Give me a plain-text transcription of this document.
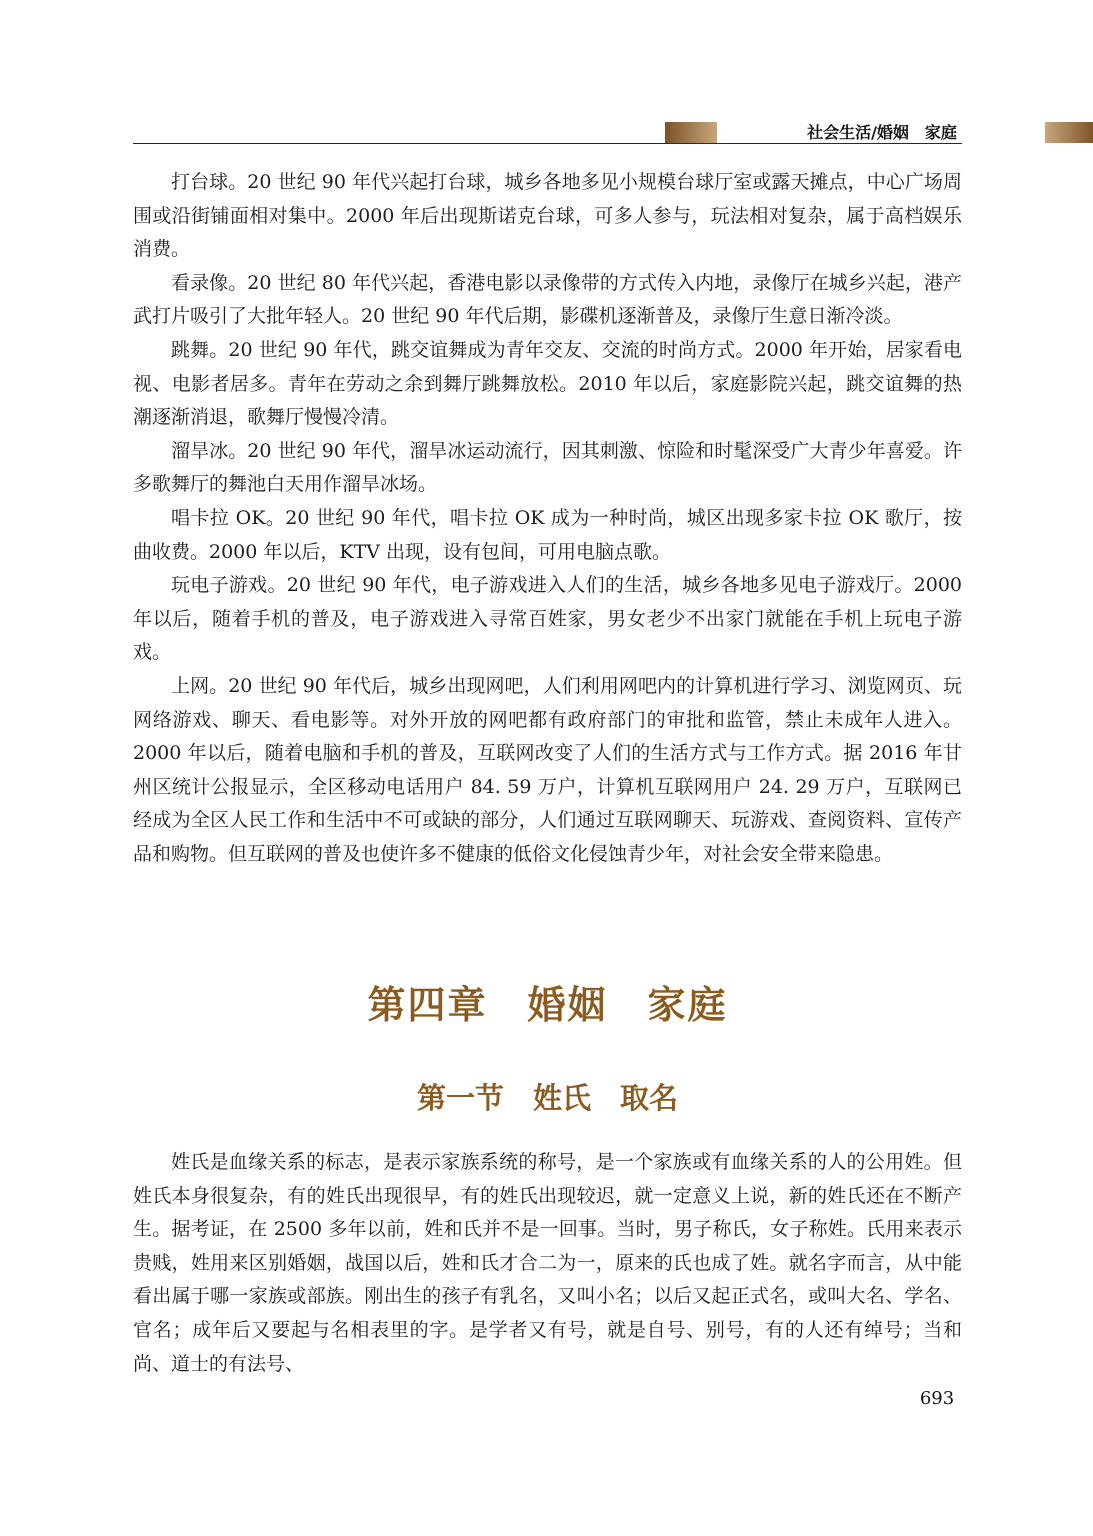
社会生活/婚姻　家庭

打台球。20 世纪 90 年代兴起打台球，城乡各地多见小规模台球厅室或露天摊点，中心广场周围或沿街铺面相对集中。2000 年后出现斯诺克台球，可多人参与，玩法相对复杂，属于高档娱乐消费。

看录像。20 世纪 80 年代兴起，香港电影以录像带的方式传入内地，录像厅在城乡兴起，港产武打片吸引了大批年轻人。20 世纪 90 年代后期，影碟机逐渐普及，录像厅生意日渐冷淡。

跳舞。20 世纪 90 年代，跳交谊舞成为青年交友、交流的时尚方式。2000 年开始，居家看电视、电影者居多。青年在劳动之余到舞厅跳舞放松。2010 年以后，家庭影院兴起，跳交谊舞的热潮逐渐消退，歌舞厅慢慢冷清。

溜旱冰。20 世纪 90 年代，溜旱冰运动流行，因其刺激、惊险和时髦深受广大青少年喜爱。许多歌舞厅的舞池白天用作溜旱冰场。

唱卡拉 OK。20 世纪 90 年代，唱卡拉 OK 成为一种时尚，城区出现多家卡拉 OK 歌厅，按曲收费。2000 年以后，KTV 出现，设有包间，可用电脑点歌。

玩电子游戏。20 世纪 90 年代，电子游戏进入人们的生活，城乡各地多见电子游戏厅。2000 年以后，随着手机的普及，电子游戏进入寻常百姓家，男女老少不出家门就能在手机上玩电子游戏。

上网。20 世纪 90 年代后，城乡出现网吧，人们利用网吧内的计算机进行学习、浏览网页、玩网络游戏、聊天、看电影等。对外开放的网吧都有政府部门的审批和监管，禁止未成年人进入。2000 年以后，随着电脑和手机的普及，互联网改变了人们的生活方式与工作方式。据 2016 年甘州区统计公报显示，全区移动电话用户 84. 59 万户，计算机互联网用户 24. 29 万户，互联网已经成为全区人民工作和生活中不可或缺的部分，人们通过互联网聊天、玩游戏、查阅资料、宣传产品和购物。但互联网的普及也使许多不健康的低俗文化侵蚀青少年，对社会安全带来隐患。

第四章　婚姻　家庭
第一节　姓氏　取名

姓氏是血缘关系的标志，是表示家族系统的称号，是一个家族或有血缘关系的人的公用姓。但姓氏本身很复杂，有的姓氏出现很早，有的姓氏出现较迟，就一定意义上说，新的姓氏还在不断产生。据考证，在 2500 多年以前，姓和氏并不是一回事。当时，男子称氏，女子称姓。氏用来表示贵贱，姓用来区别婚姻，战国以后，姓和氏才合二为一，原来的氏也成了姓。就名字而言，从中能看出属于哪一家族或部族。刚出生的孩子有乳名，又叫小名；以后又起正式名，或叫大名、学名、官名；成年后又要起与名相表里的字。是学者又有号，就是自号、别号，有的人还有绰号；当和尚、道士的有法号、

693
